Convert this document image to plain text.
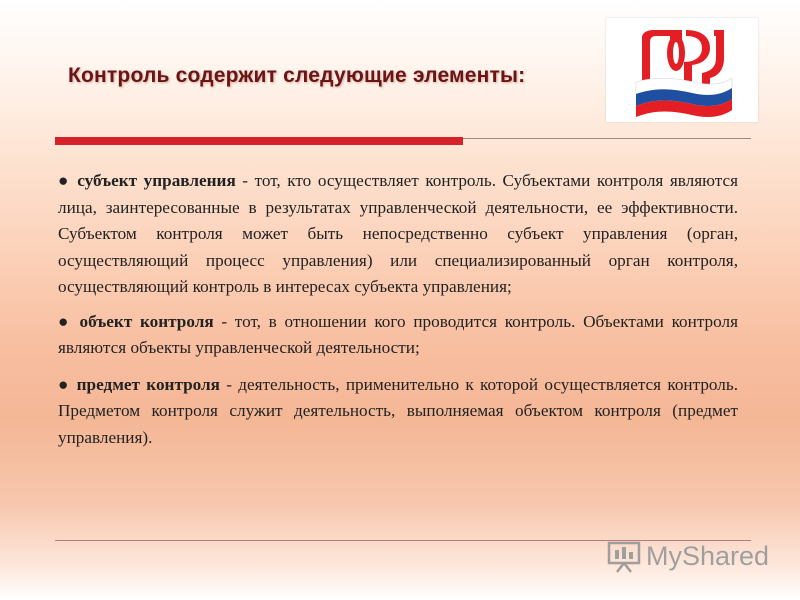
Контроль содержит следующие элементы:

● субъект управления - тот, кто осуществляет контроль. Субъектами контроля являются лица, заинтересованные в результатах управленческой деятельности, ее эффективности. Субъектом контроля может быть непосредственно субъект управления (орган, осуществляющий процесс управления) или специализированный орган контроля, осуществляющий контроль в интересах субъекта управления;

● объект контроля - тот, в отношении кого проводится контроль. Объектами контроля являются объекты управленческой деятельности;

● предмет контроля - деятельность, применительно к которой осуществляется контроль. Предметом контроля служит деятельность, выполняемая объектом контроля (предмет управления).

MyShared
